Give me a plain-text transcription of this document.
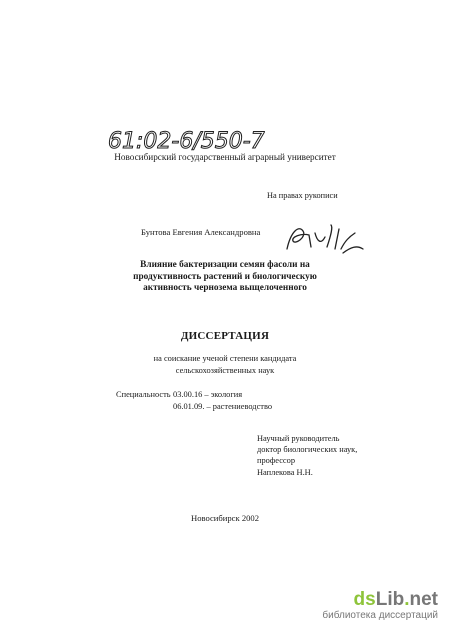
61:02-6/550-7
Новосибирский государственный аграрный университет
На правах рукописи
Бунтова Евгения Александровна
Влияние бактеризации семян фасоли на
продуктивность растений и биологическую
активность чернозема выщелоченного
ДИССЕРТАЦИЯ
на соискание ученой степени кандидата
сельскохозяйственных наук
Специальность 03.00.16 – экология
06.01.09. – растениеводство
Научный руководитель
доктор биологических наук,
профессор
Наплекова Н.Н.
Новосибирск 2002
dsLib.net
библиотека диссертаций
